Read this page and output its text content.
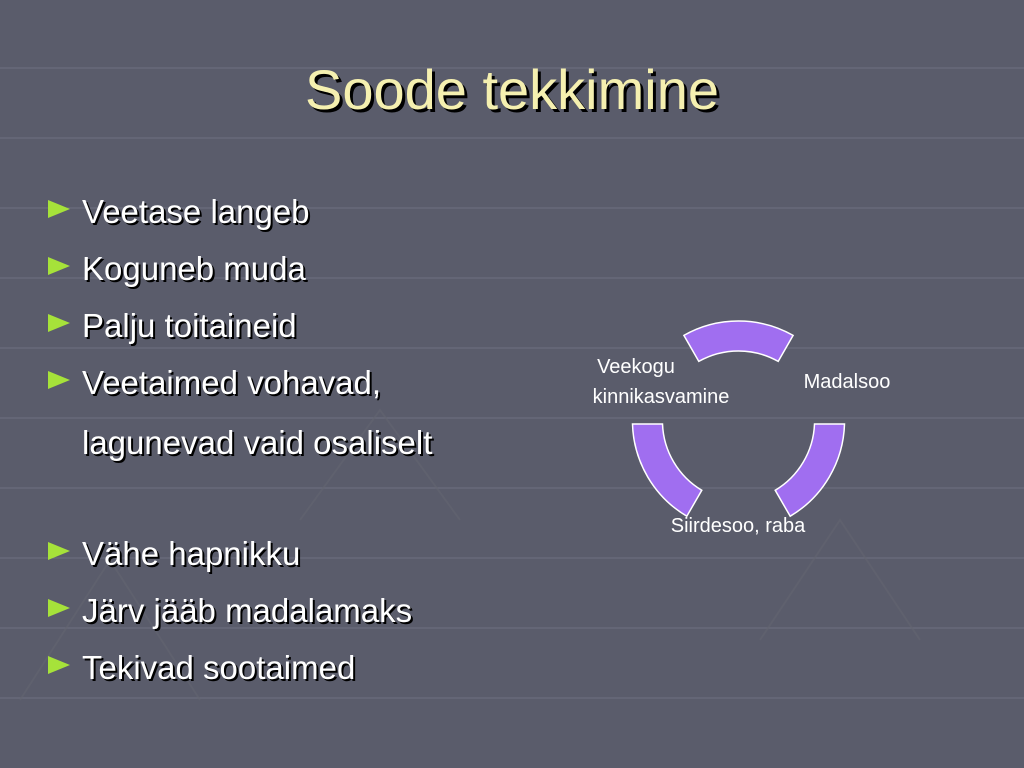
Soode tekkimine
Veetase langeb
Koguneb muda
Palju toitaineid
Veetaimed vohavad,
lagunevad vaid osaliselt
Vähe hapnikku
Järv jääb madalamaks
Tekivad sootaimed
Veekogu
kinnikasvamine
Madalsoo
Siirdesoo, raba
